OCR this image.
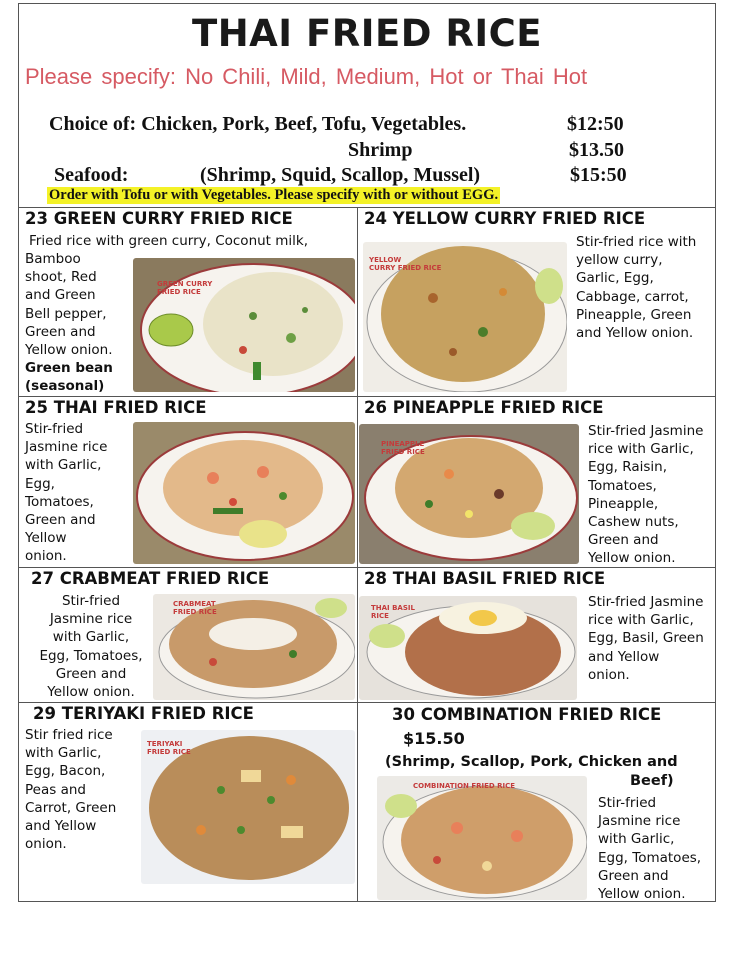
THAI FRIED RICE
Please specify: No Chili, Mild, Medium, Hot or Thai Hot
Choice of: Chicken, Pork, Beef, Tofu, Vegetables.	$12:50
Shrimp	$13.50
Seafood:	(Shrimp, Squid, Scallop, Mussel)	$15:50
Order with Tofu or with Vegetables. Please specify with or without EGG.
23 GREEN CURRY FRIED RICE
Fried rice with green curry, Coconut milk,
Bamboo
shoot, Red
and Green
Bell pepper,
Green and
Yellow onion.
Green bean
(seasonal)
GREEN CURRY
FRIED RICE
24 YELLOW CURRY FRIED RICE
YELLOW
CURRY FRIED RICE
Stir-fried rice with
yellow curry,
Garlic, Egg,
Cabbage, carrot,
Pineapple, Green
and Yellow onion.
25 THAI FRIED RICE
Stir-fried
Jasmine rice
with Garlic,
Egg,
Tomatoes,
Green and
Yellow
onion.
26 PINEAPPLE FRIED RICE
PINEAPPLE
FRIED RICE
Stir-fried Jasmine
rice with Garlic,
Egg, Raisin,
Tomatoes,
Pineapple,
Cashew nuts,
Green and
Yellow onion.
27 CRABMEAT FRIED RICE
Stir-fried
Jasmine rice
with Garlic,
Egg, Tomatoes,
Green and
Yellow onion.
CRABMEAT
FRIED RICE
28 THAI BASIL FRIED RICE
THAI BASIL
RICE
Stir-fried Jasmine
rice with Garlic,
Egg, Basil, Green
and Yellow
onion.
29 TERIYAKI FRIED RICE
Stir fried rice
with Garlic,
Egg, Bacon,
Peas and
Carrot, Green
and Yellow
onion.
TERIYAKI
FRIED RICE
30 COMBINATION FRIED RICE
$15.50
(Shrimp, Scallop, Pork, Chicken and
Beef)
COMBINATION FRIED RICE
Stir-fried
Jasmine rice
with Garlic,
Egg, Tomatoes,
Green and
Yellow onion.
